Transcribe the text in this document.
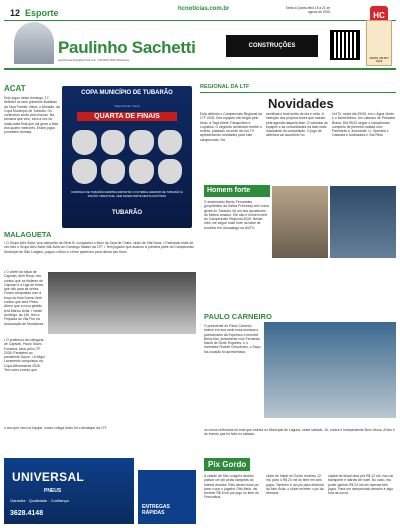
12 Esporte	hcnoticias.com.br	Sexta a Quinta-feira 15 a 21 de agosto de 2025	HC
Paulinho Sachetti
paulinhosachetti@hotmail.com | 48 9933-1560 WhatsApp
CONSTRUÇÕES
ADOTE UM PET AQUI
ACAT
Dois jogos neste domingo, 17, definem os dois primeiros finalistas da Taça Farmer Vieira, o Mundão, da Copa Município de Tubarão. Os confrontos serão pelo mundo. Na semana que vem, será a vez do mata-mata final que vai gerar a lista dos quatro melhores. Esses jogos prometem demais.
COPA MUNICÍPIO DE TUBARÃO
Taça Farmer Vieira
QUARTA DE FINAIS
DOMINGO DE TUBARÃO RESPIRA ESPORTE! O FUTEBOL AMADOR DE TUBARÃO É PAIXÃO. PRESTIGIE, VEM FAZER PARTE DESTA HISTÓRIA!
TUBARÃO
REGIONAL DA LTF
Novidades
Está definido o Campeonato Regional da LTF 2025. Dez equipes vão brigar pelo título, a Taça Arlete Transportes e Logística. O segundo semestral recebe o evento, passado na sede da Uni-TV apresentando novidades para este campeonato. Na
semifinal e final serão de ida e volta. A intenção dos próprios times que saíram pela agenda daquela fase. O valorizar as equipes e as comunidades na fase mais importante do competição. O jogo de abertura vai acontecer no
UniTV, sexta dia 29/08, em o Água Verde e o Barreirinhos. Um clássico de Pescaria Brava. Dia 05/10 segue o campeonato completo de primeira rodada com Palmeiras e Juventude, U. Operária x Catarata e Auxiliadora x Vila Real.
Homem forte
O empresário Ilberto Fernandes (proprietário da Saltos Princesa) vem como gente do Tubarão, foi um dos apoiadores do futebol amador. Ele não é homem forte do Campeonato Regional 2026. Nesse mês, ele segue mais forte na base de torneios em Urussanga na UniTV.
MALAGUETA
• O Grupo Alex Ávila, vice-campeão da Série B, conquistou o título da Taça de Cristo, vindo de Vila Nova. • Passando mais de um mês o Grupo Alex Ávila Vila Ávila um Domingo Master da LTF. • Tem jogador que assinou a primeira parte do Campeonato Municipal de São Ludgero, pagou o título e o time apareceu para deixar seu título.
• O chefe do futsal de Capivari, Ariel Rosa, nos contou que os titulares de Capivari e a Liga de times que vão para as séries. Foram conquistas com a força do time Dama. Ariel contou que será Pedro Abreu que a nova gestão terá Márcio Ávila. • Neste domingo, às 13h, tem a Feijoada do Vila Flor na Associação de Moradores.
• O professor da categoria de Capivari, Paulo Sauro Fonseca, lutou pelo LTF 2026. Parabéns ao presidente Sauro. • A Migui Livramento conquistou na Copa Afforamenta 2026. Tem outro evento que
o ano que vem na equipe, nosso colega Kadu foi o destaque da LTF.
PAULO CARNEIRO
O presidente do Paulo Carneiro esteve em sua sede essa semana o patrocinador da Expresso e Imóveis Beira-Mar, juntamente com Fernando Nandi de Norte Esportes, e o investidor Ruchel Crescêncio, o Sapo. Na ocasião foi apresentado
os novos uniformes do time que estreia no Municipal de Laguna, neste sábado, 16, contra o Independente Bom Jesus. A foto é do evento que foi feito no sábado.
UNIVERSAL
PNEUS
Garantia · Qualidade · Confiança
3628.4148
ENTREGAS RÁPIDAS
Pix Gordo
A cidade de São Ludgero decidiu passar um pix pelas campeãs do futebol amador. Eles deram esse pix para o que o jogador Otto Meia, vai receber R$ 6 mil por jogo no time do Ferroviária.
clube de futsal do Gordo recebeu 12 mil, para o R$ 24 mil do time em seis jogos. Também é um pix para diretoria do Alex Ávila, o clube receber o pix da diretoria.
capital de futsal obra pra R$ 12 mil. Isso de transporte e diárias de hotel. No caso, ela poder ganhar R$ 24 mil em apenas três jogos. Para um campeonato amador é algo fora da curva.
